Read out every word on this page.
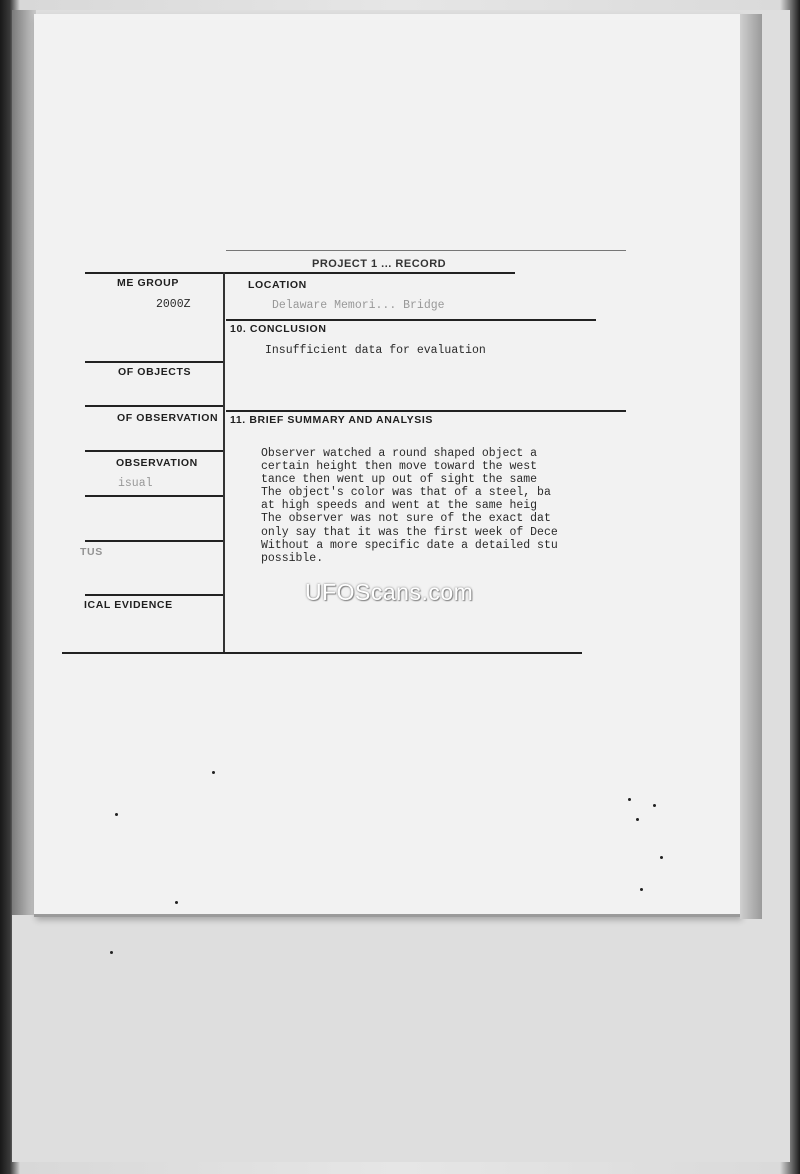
PROJECT 1 ... RECORD
ME GROUP
2000Z
LOCATION
Delaware Memori... Bridge
10. CONCLUSION
Insufficient data for evaluation
OF OBJECTS
OF OBSERVATION 11. BRIEF SUMMARY AND ANALYSIS
OBSERVATION
isual
TUS
ICAL EVIDENCE
Observer watched a round shaped object a
certain height then move toward the west
tance then went up out of sight the same
The object's color was that of a steel, ba
at high speeds and went at the same heig
The observer was not sure of the exact dat
only say that it was the first week of Dece
Without a more specific date a detailed stu
possible.
UFOScans.com
